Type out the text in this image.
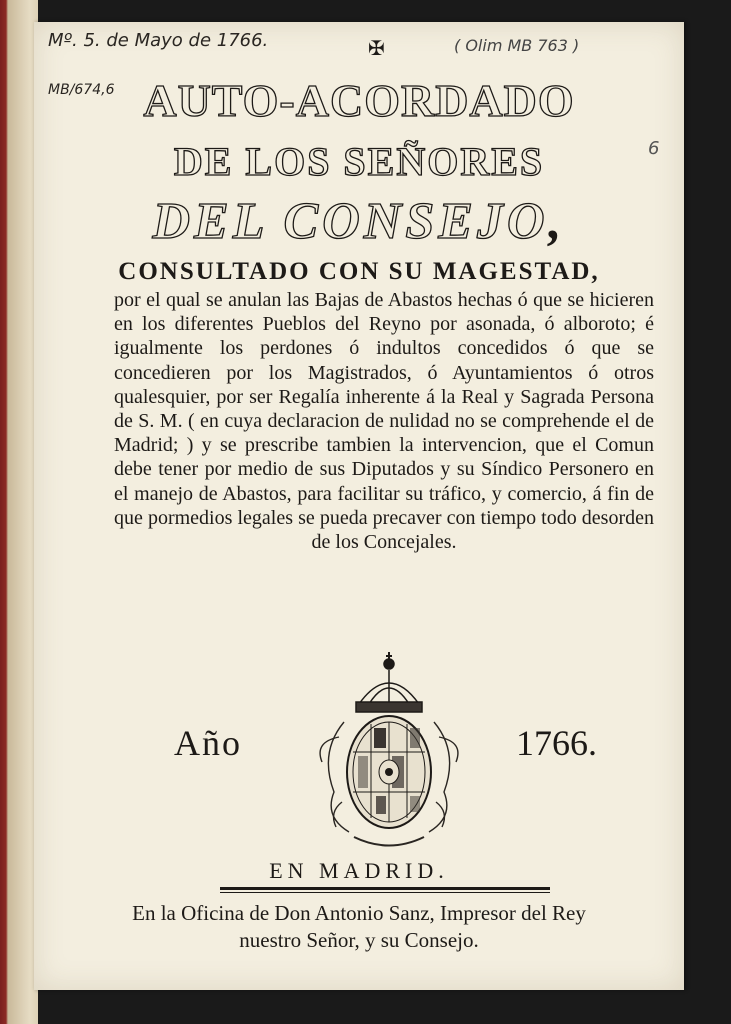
Mº. 5. de Mayo de 1766.	✠	( Olim MB 763 )
MB/674,6
6
AUTO-ACORDADO
DE LOS SEÑORES
DEL CONSEJO,
CONSULTADO CON SU MAGESTAD,
por el qual se anulan las Bajas de Abastos hechas ó que se hicieren en los diferentes Pueblos del Reyno por asonada, ó alboroto; é igualmente los perdones ó indultos concedidos ó que se concedieren por los Magistrados, ó Ayuntamientos ó otros qualesquier, por ser Regalía inherente á la Real y Sagrada Persona de S. M. ( en cuya declaracion de nulidad no se comprehende el de Madrid; ) y se prescribe tambien la intervencion, que el Comun debe tener por medio de sus Diputados y su Síndico Personero en el manejo de Abastos, para facilitar su tráfico, y comercio, á fin de que pormedios legales se pueda precaver con tiempo todo desorden de los Concejales.
Año	1766.
EN MADRID.
En la Oficina de Don Antonio Sanz, Impresor del Rey
nuestro Señor, y su Consejo.
